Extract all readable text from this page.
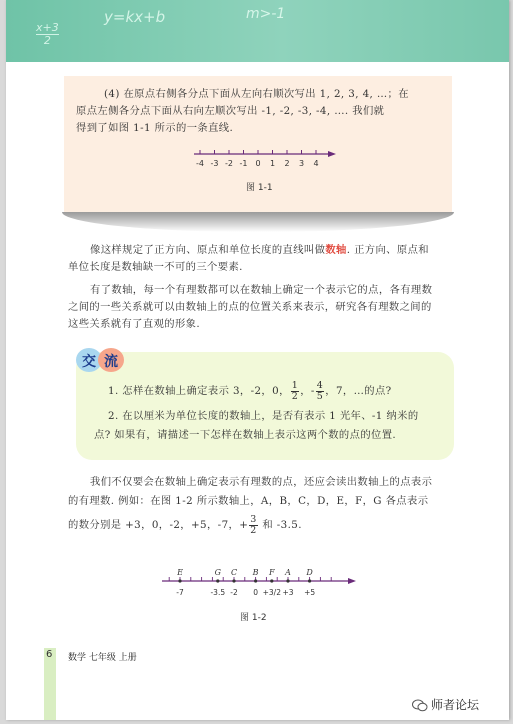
x+3
2
y=kx+b	m>-1
(4) 在原点右侧各分点下面从左向右顺次写出 1, 2, 3, 4, …；在
原点左侧各分点下面从右向左顺次写出 -1, -2, -3, -4, …. 我们就
得到了如图 1-1 所示的一条直线.
-4 -3 -2 -1 0 1 2 3 4
图 1-1
像这样规定了正方向、原点和单位长度的直线叫做数轴. 正方向、原点和
单位长度是数轴缺一不可的三个要素.
有了数轴，每一个有理数都可以在数轴上确定一个表示它的点，各有理数
之间的一些关系就可以由数轴上的点的位置关系来表示，研究各有理数之间的
这些关系就有了直观的形象.
交 流
1. 怎样在数轴上确定表示 3，-2，0， $\frac{1}{2}$ ，- $\frac{4}{5}$ ，7，…的点?
2. 在以厘米为单位长度的数轴上，是否有表示 1 光年、-1 纳米的
点? 如果有，请描述一下怎样在数轴上表示这两个数的点的位置.
我们不仅要会在数轴上确定表示有理数的点，还应会读出数轴上的点表示
的有理数. 例如：在图 1-2 所示数轴上，A，B，C，D，E，F，G 各点表示
的数分别是 +3，0，-2，+5，-7，+ $\frac{3}{2}$ 和 -3.5.
E
-7
G
-3.5
C
-2
B
0
F
+3/2
A
+3
D
+5
图 1-2
6 数学 七年级 上册
师者论坛
